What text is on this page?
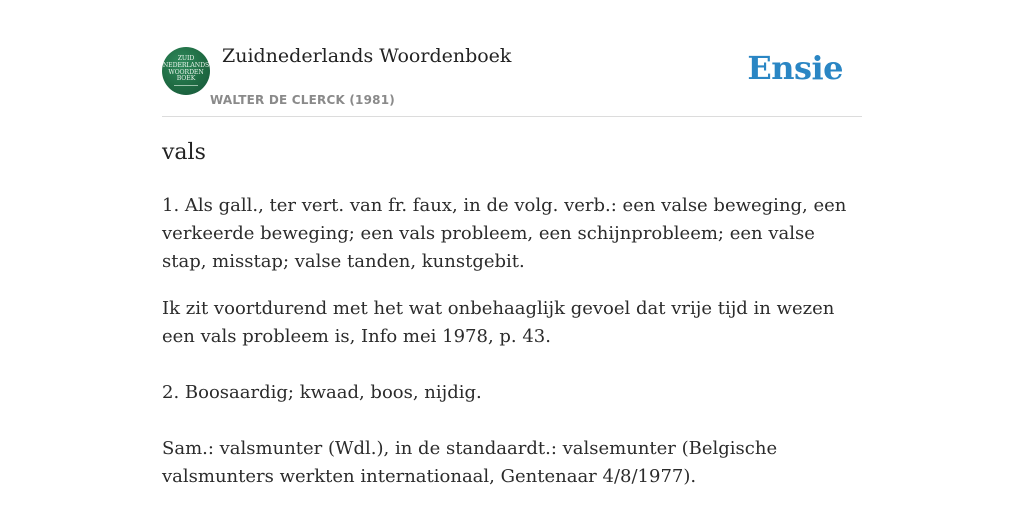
ZUID
NEDERLANDS
WOORDEN
BOEK
Zuidnederlands Woordenboek
WALTER DE CLERCK (1981)
Ensie
vals

1. Als gall., ter vert. van fr. faux, in de volg. verb.: een valse beweging, een verkeerde beweging; een vals probleem, een schijnprobleem; een valse stap, misstap; valse tanden, kunstgebit.

Ik zit voortdurend met het wat onbehaaglijk gevoel dat vrije tijd in wezen een vals probleem is, Info mei 1978, p. 43.

2. Boosaardig; kwaad, boos, nijdig.

Sam.: valsmunter (Wdl.), in de standaardt.: valsemunter (Belgische valsmunters werkten internationaal, Gentenaar 4/8/1977).
